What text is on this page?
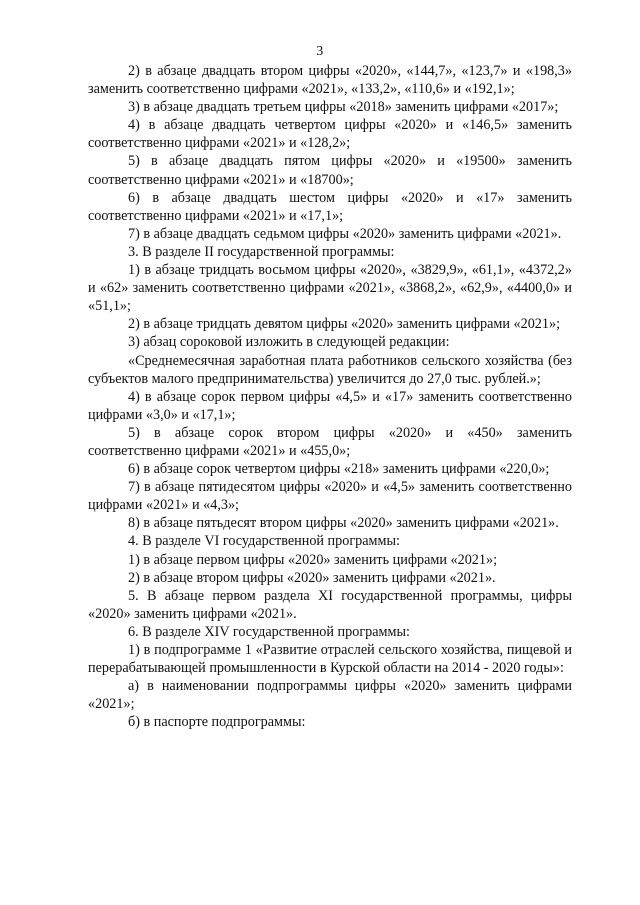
3

2) в абзаце двадцать втором цифры «2020», «144,7», «123,7» и «198,3» заменить соответственно цифрами «2021», «133,2», «110,6» и «192,1»;

3) в абзаце двадцать третьем цифры «2018» заменить цифрами «2017»;

4) в абзаце двадцать четвертом цифры «2020» и «146,5» заменить соответственно цифрами «2021» и «128,2»;

5) в абзаце двадцать пятом цифры «2020» и «19500» заменить соответственно цифрами «2021» и «18700»;

6) в абзаце двадцать шестом цифры «2020» и «17» заменить соответственно цифрами «2021» и «17,1»;

7) в абзаце двадцать седьмом цифры «2020» заменить цифрами «2021».

3. В разделе II государственной программы:

1) в абзаце тридцать восьмом цифры «2020», «3829,9», «61,1», «4372,2» и «62» заменить соответственно цифрами «2021», «3868,2», «62,9», «4400,0» и «51,1»;

2) в абзаце тридцать девятом цифры «2020» заменить цифрами «2021»;

3) абзац сороковой изложить в следующей редакции:

«Среднемесячная заработная плата работников сельского хозяйства (без субъектов малого предпринимательства) увеличится до 27,0 тыс. рублей.»;

4) в абзаце сорок первом цифры «4,5» и «17» заменить соответственно цифрами «3,0» и «17,1»;

5) в абзаце сорок втором цифры «2020» и «450» заменить соответственно цифрами «2021» и «455,0»;

6) в абзаце сорок четвертом цифры «218» заменить цифрами «220,0»;

7) в абзаце пятидесятом цифры «2020» и «4,5» заменить соответственно цифрами «2021» и «4,3»;

8) в абзаце пятьдесят втором цифры «2020» заменить цифрами «2021».

4. В разделе VI государственной программы:

1) в абзаце первом цифры «2020» заменить цифрами «2021»;

2) в абзаце втором цифры «2020» заменить цифрами «2021».

5. В абзаце первом раздела XI государственной программы, цифры «2020» заменить цифрами «2021».

6. В разделе XIV государственной программы:

1) в подпрограмме 1 «Развитие отраслей сельского хозяйства, пищевой и перерабатывающей промышленности в Курской области на 2014 - 2020 годы»:

а) в наименовании подпрограммы цифры «2020» заменить цифрами «2021»;

б) в паспорте подпрограммы:
